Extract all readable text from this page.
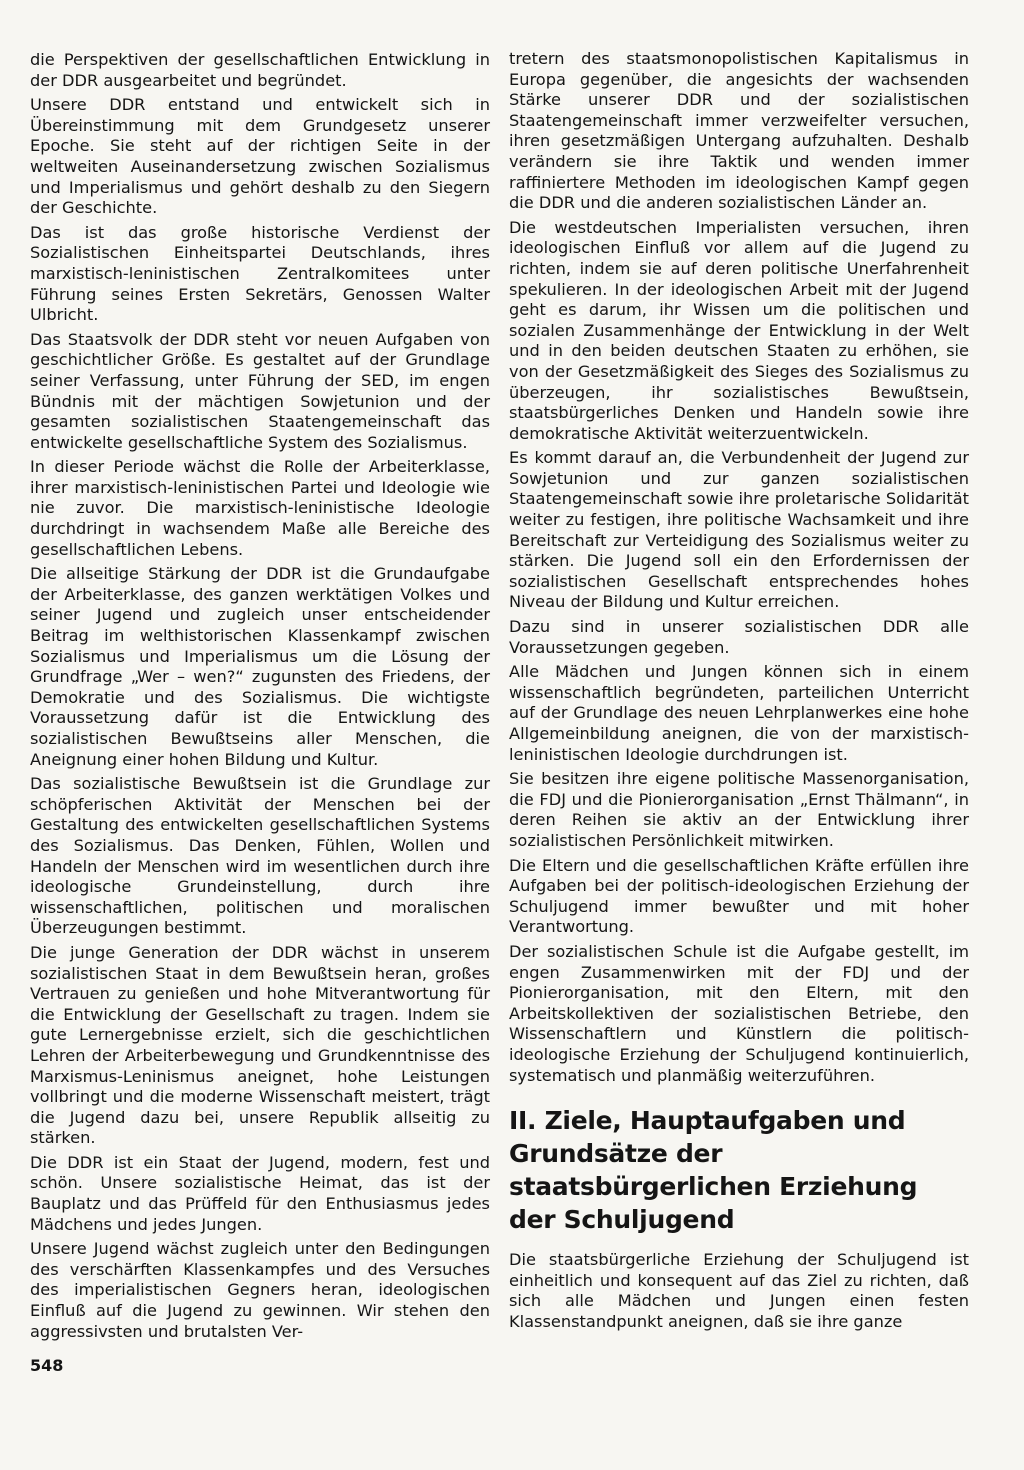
die Perspektiven der gesellschaftlichen Entwicklung in der DDR ausgearbeitet und begründet.

Unsere DDR entstand und entwickelt sich in Übereinstimmung mit dem Grundgesetz unserer Epoche. Sie steht auf der richtigen Seite in der weltweiten Auseinandersetzung zwischen Sozialismus und Imperialismus und gehört deshalb zu den Siegern der Geschichte.

Das ist das große historische Verdienst der Sozialistischen Einheitspartei Deutschlands, ihres marxistisch-leninistischen Zentralkomitees unter Führung seines Ersten Sekretärs, Genossen Walter Ulbricht.

Das Staatsvolk der DDR steht vor neuen Aufgaben von geschichtlicher Größe. Es gestaltet auf der Grundlage seiner Verfassung, unter Führung der SED, im engen Bündnis mit der mächtigen Sowjetunion und der gesamten sozialistischen Staatengemeinschaft das entwickelte gesellschaftliche System des Sozialismus.

In dieser Periode wächst die Rolle der Arbeiterklasse, ihrer marxistisch-leninistischen Partei und Ideologie wie nie zuvor. Die marxistisch-leninistische Ideologie durchdringt in wachsendem Maße alle Bereiche des gesellschaftlichen Lebens.

Die allseitige Stärkung der DDR ist die Grundaufgabe der Arbeiterklasse, des ganzen werktätigen Volkes und seiner Jugend und zugleich unser entscheidender Beitrag im welthistorischen Klassenkampf zwischen Sozialismus und Imperialismus um die Lösung der Grundfrage „Wer – wen?“ zugunsten des Friedens, der Demokratie und des Sozialismus. Die wichtigste Voraussetzung dafür ist die Entwicklung des sozialistischen Bewußtseins aller Menschen, die Aneignung einer hohen Bildung und Kultur.

Das sozialistische Bewußtsein ist die Grundlage zur schöpferischen Aktivität der Menschen bei der Gestaltung des entwickelten gesellschaftlichen Systems des Sozialismus. Das Denken, Fühlen, Wollen und Handeln der Menschen wird im wesentlichen durch ihre ideologische Grundeinstellung, durch ihre wissenschaftlichen, politischen und moralischen Überzeugungen bestimmt.

Die junge Generation der DDR wächst in unserem sozialistischen Staat in dem Bewußtsein heran, großes Vertrauen zu genießen und hohe Mitverantwortung für die Entwicklung der Gesellschaft zu tragen. Indem sie gute Lernergebnisse erzielt, sich die geschichtlichen Lehren der Arbeiterbewegung und Grundkenntnisse des Marxismus-Leninismus aneignet, hohe Leistungen vollbringt und die moderne Wissenschaft meistert, trägt die Jugend dazu bei, unsere Republik allseitig zu stärken.

Die DDR ist ein Staat der Jugend, modern, fest und schön. Unsere sozialistische Heimat, das ist der Bauplatz und das Prüffeld für den Enthusiasmus jedes Mädchens und jedes Jungen.

Unsere Jugend wächst zugleich unter den Bedingungen des verschärften Klassenkampfes und des Versuches des imperialistischen Gegners heran, ideologischen Einfluß auf die Jugend zu gewinnen. Wir stehen den aggressivsten und brutalsten Ver-

tretern des staatsmonopolistischen Kapitalismus in Europa gegenüber, die angesichts der wachsenden Stärke unserer DDR und der sozialistischen Staatengemeinschaft immer verzweifelter versuchen, ihren gesetzmäßigen Untergang aufzuhalten. Deshalb verändern sie ihre Taktik und wenden immer raffiniertere Methoden im ideologischen Kampf gegen die DDR und die anderen sozialistischen Länder an.

Die westdeutschen Imperialisten versuchen, ihren ideologischen Einfluß vor allem auf die Jugend zu richten, indem sie auf deren politische Unerfahrenheit spekulieren. In der ideologischen Arbeit mit der Jugend geht es darum, ihr Wissen um die politischen und sozialen Zusammenhänge der Entwicklung in der Welt und in den beiden deutschen Staaten zu erhöhen, sie von der Gesetzmäßigkeit des Sieges des Sozialismus zu überzeugen, ihr sozialistisches Bewußtsein, staatsbürgerliches Denken und Handeln sowie ihre demokratische Aktivität weiterzuentwickeln.

Es kommt darauf an, die Verbundenheit der Jugend zur Sowjetunion und zur ganzen sozialistischen Staatengemeinschaft sowie ihre proletarische Solidarität weiter zu festigen, ihre politische Wachsamkeit und ihre Bereitschaft zur Verteidigung des Sozialismus weiter zu stärken. Die Jugend soll ein den Erfordernissen der sozialistischen Gesellschaft entsprechendes hohes Niveau der Bildung und Kultur erreichen.

Dazu sind in unserer sozialistischen DDR alle Voraussetzungen gegeben.

Alle Mädchen und Jungen können sich in einem wissenschaftlich begründeten, parteilichen Unterricht auf der Grundlage des neuen Lehrplanwerkes eine hohe Allgemeinbildung aneignen, die von der marxistisch-leninistischen Ideologie durchdrungen ist.

Sie besitzen ihre eigene politische Massenorganisation, die FDJ und die Pionierorganisation „Ernst Thälmann“, in deren Reihen sie aktiv an der Entwicklung ihrer sozialistischen Persönlichkeit mitwirken.

Die Eltern und die gesellschaftlichen Kräfte erfüllen ihre Aufgaben bei der politisch-ideologischen Erziehung der Schuljugend immer bewußter und mit hoher Verantwortung.

Der sozialistischen Schule ist die Aufgabe gestellt, im engen Zusammenwirken mit der FDJ und der Pionierorganisation, mit den Eltern, mit den Arbeitskollektiven der sozialistischen Betriebe, den Wissenschaftlern und Künstlern die politisch-ideologische Erziehung der Schuljugend kontinuierlich, systematisch und planmäßig weiterzuführen.

II. Ziele, Hauptaufgaben und Grundsätze der staatsbürgerlichen Erziehung der Schuljugend

Die staatsbürgerliche Erziehung der Schuljugend ist einheitlich und konsequent auf das Ziel zu richten, daß sich alle Mädchen und Jungen einen festen Klassenstandpunkt aneignen, daß sie ihre ganze

548
